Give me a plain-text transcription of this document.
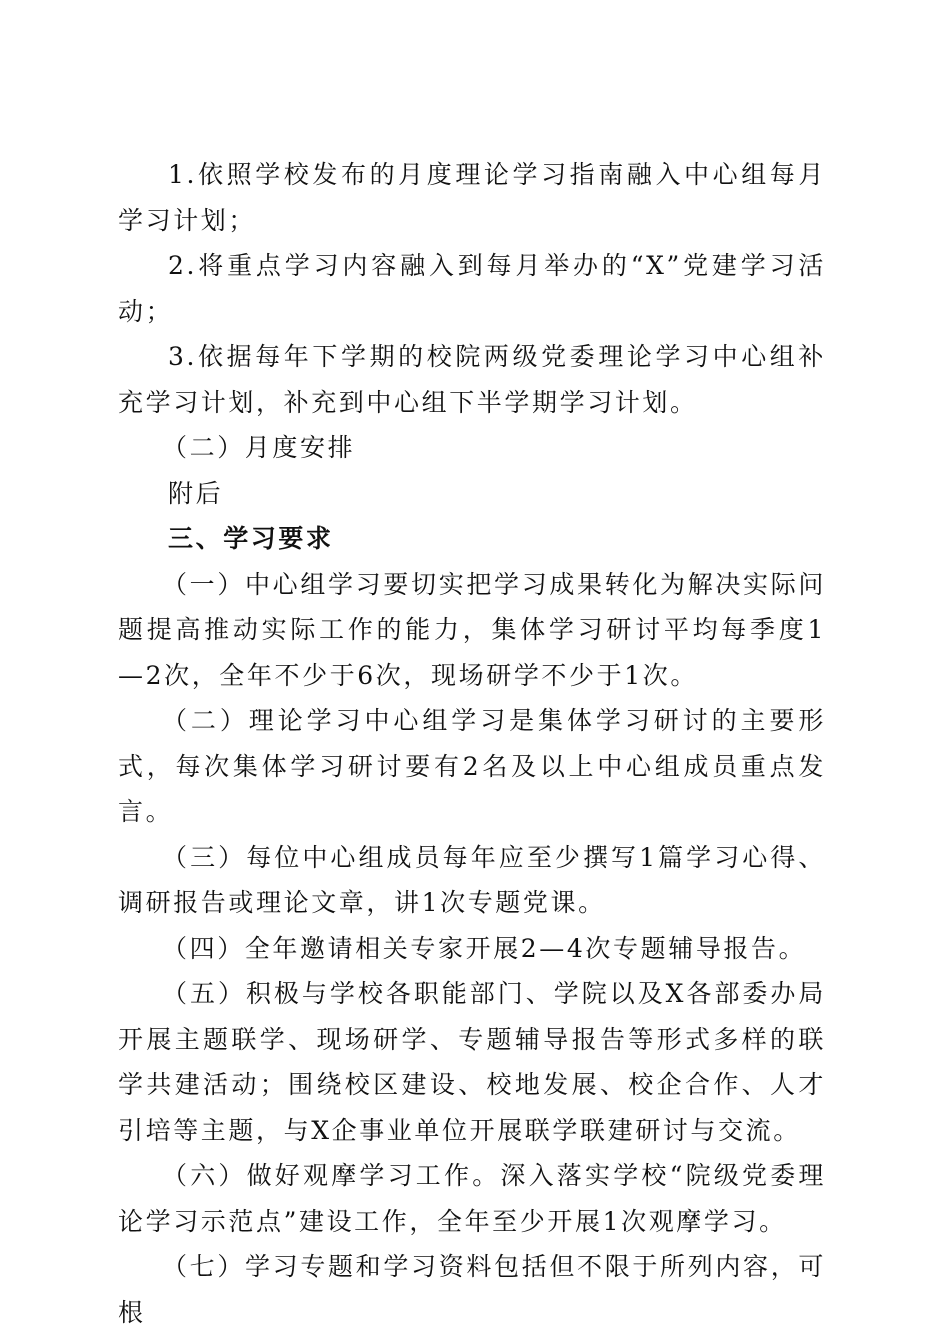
1.依照学校发布的月度理论学习指南融入中心组每月学习计划；

2.将重点学习内容融入到每月举办的“X”党建学习活动；

3.依据每年下学期的校院两级党委理论学习中心组补充学习计划，补充到中心组下半学期学习计划。

（二）月度安排

附后

三、学习要求

（一）中心组学习要切实把学习成果转化为解决实际问题提高推动实际工作的能力，集体学习研讨平均每季度1—2次，全年不少于6次，现场研学不少于1次。

（二）理论学习中心组学习是集体学习研讨的主要形式，每次集体学习研讨要有2名及以上中心组成员重点发言。

（三）每位中心组成员每年应至少撰写1篇学习心得、调研报告或理论文章，讲1次专题党课。

（四）全年邀请相关专家开展2—4次专题辅导报告。

（五）积极与学校各职能部门、学院以及X各部委办局开展主题联学、现场研学、专题辅导报告等形式多样的联学共建活动；围绕校区建设、校地发展、校企合作、人才引培等主题，与X企事业单位开展联学联建研讨与交流。

（六）做好观摩学习工作。深入落实学校“院级党委理论学习示范点”建设工作，全年至少开展1次观摩学习。

（七）学习专题和学习资料包括但不限于所列内容，可根
